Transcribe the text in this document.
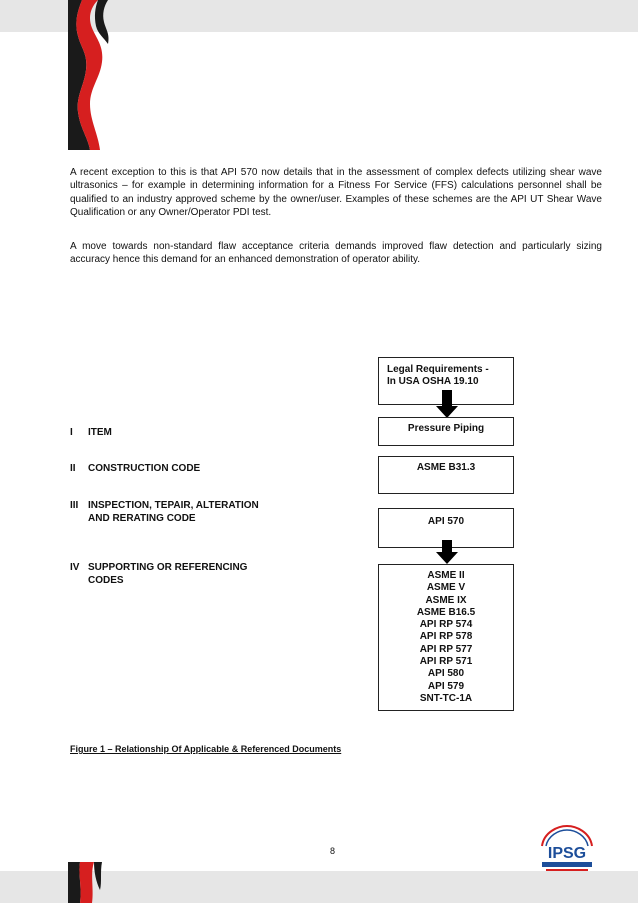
A recent exception to this is that API 570 now details that in the assessment of complex defects utilizing shear wave ultrasonics – for example in determining information for a Fitness For Service (FFS) calculations personnel shall be qualified to an industry approved scheme by the owner/user. Examples of these schemes are the API UT Shear Wave Qualification or any Owner/Operator PDI test.

A move towards non-standard flaw acceptance criteria demands improved flaw detection and particularly sizing accuracy hence this demand for an enhanced demonstration of operator ability.

I ITEM
II CONSTRUCTION CODE
III INSPECTION, TEPAIR, ALTERATION
AND RERATING CODE
IV SUPPORTING OR REFERENCING
CODES
Legal Requirements -
In USA OSHA 19.10
Pressure Piping
ASME B31.3
API 570
ASME II
ASME V
ASME IX
ASME B16.5
API RP 574
API RP 578
API RP 577
API RP 571
API 580
API 579
SNT-TC-1A
Figure 1 – Relationship Of Applicable & Referenced Documents
8	IPSG
